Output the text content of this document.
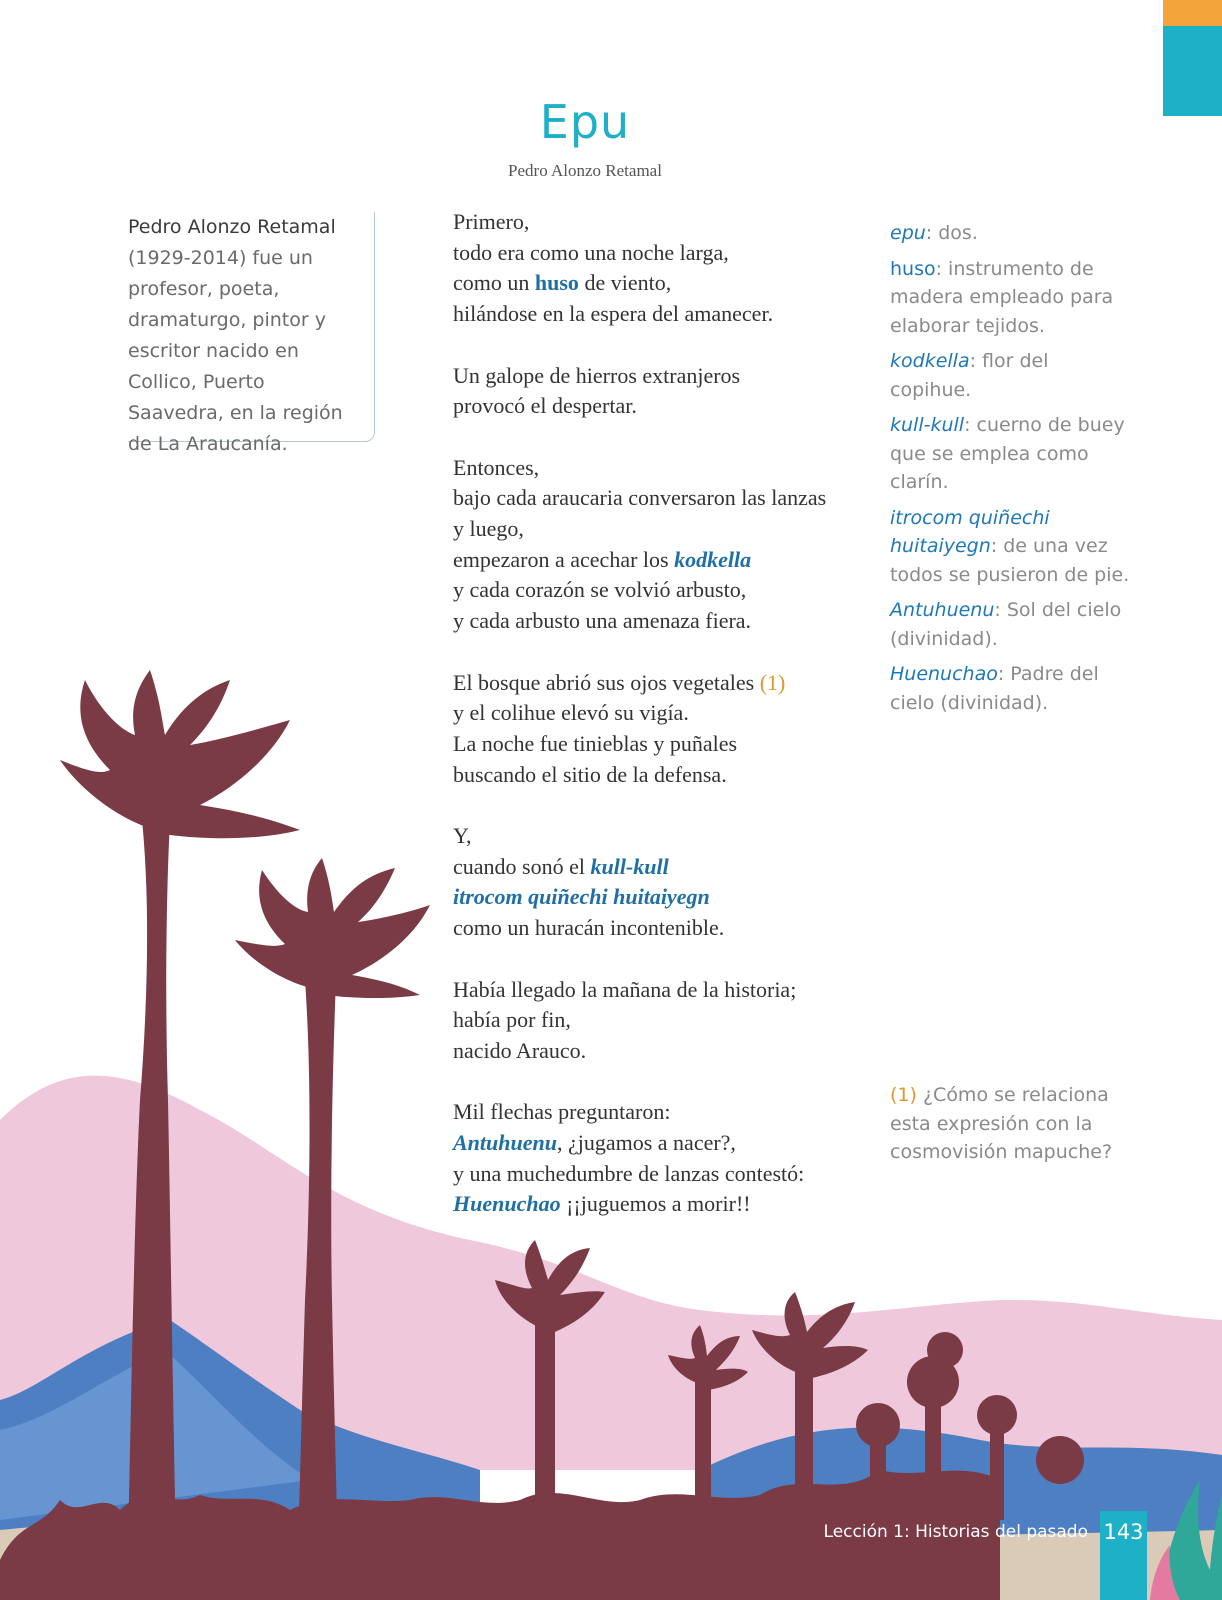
Epu
Pedro Alonzo Retamal
Pedro Alonzo Retamal
(1929-2014) fue un profesor, poeta, dramaturgo, pintor y escritor nacido en Collico, Puerto Saavedra, en la región de La Araucanía.
Primero,
todo era como una noche larga,
como un huso de viento,
hilándose en la espera del amanecer.
Un galope de hierros extranjeros
provocó el despertar.
Entonces,
bajo cada araucaria conversaron las lanzas
y luego,
empezaron a acechar los kodkella
y cada corazón se volvió arbusto,
y cada arbusto una amenaza fiera.
El bosque abrió sus ojos vegetales (1)
y el colihue elevó su vigía.
La noche fue tinieblas y puñales
buscando el sitio de la defensa.
Y,
cuando sonó el kull-kull
itrocom quiñechi huitaiyegn
como un huracán incontenible.
Había llegado la mañana de la historia;
había por fin,
nacido Arauco.
Mil flechas preguntaron:
Antuhuenu, ¿jugamos a nacer?,
y una muchedumbre de lanzas contestó:
Huenuchao ¡¡juguemos a morir!!
epu: dos.
huso: instrumento de madera empleado para elaborar tejidos.
kodkella: flor del copihue.
kull-kull: cuerno de buey que se emplea como clarín.
itrocom quiñechi huitaiyegn: de una vez todos se pusieron de pie.
Antuhuenu: Sol del cielo (divinidad).
Huenuchao: Padre del cielo (divinidad).
(1) ¿Cómo se relaciona esta expresión con la cosmovisión mapuche?
Lección 1: Historias del pasado 143
